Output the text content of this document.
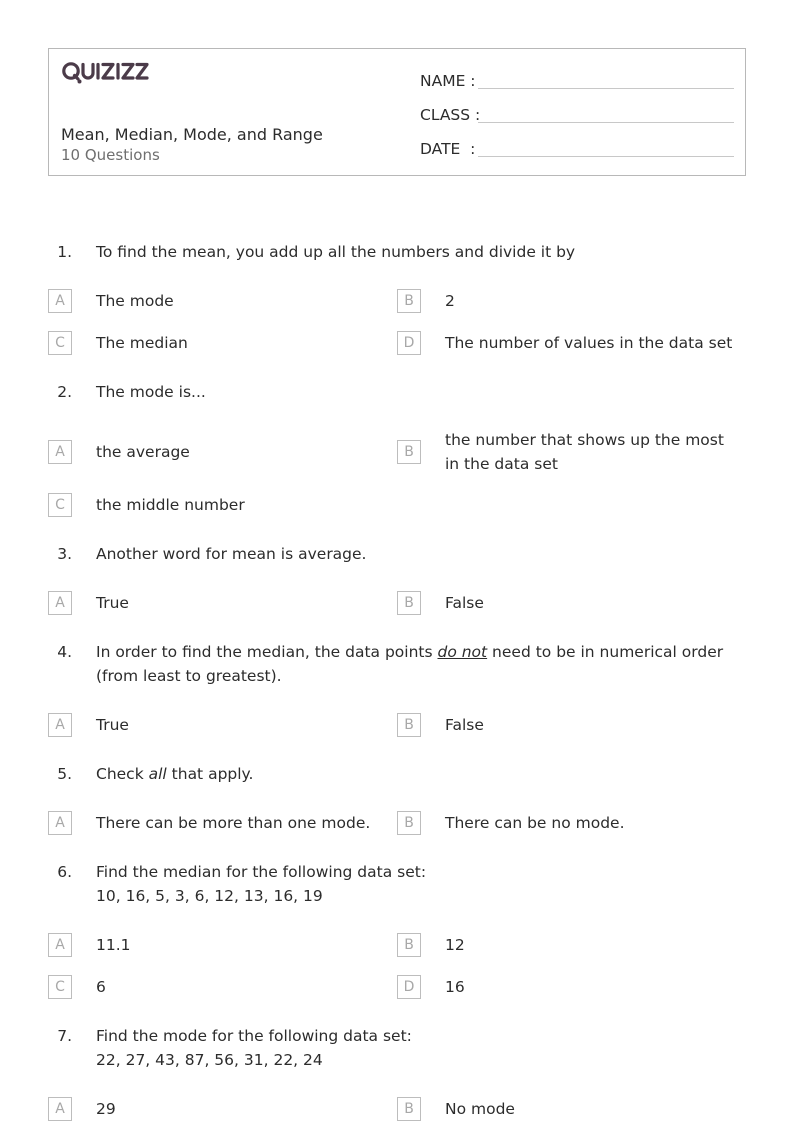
Mean, Median, Mode, and Range
10 Questions
NAME :
CLASS :
DATE  :
1. To find the mean, you add up all the numbers and divide it by
A	The mode	B	2
C	The median	D	The number of values in the data set
2. The mode is...
A	the average	B
the number that shows up the most in the data set
C	the middle number
3. Another word for mean is average.
A	True	B	False
4. In order to find the median, the data points do not need to be in numerical order (from least to greatest).
A	True	B	False
5. Check all that apply.
A	There can be more than one mode.	B	There can be no mode.
6. Find the median for the following data set:
10, 16, 5, 3, 6, 12, 13, 16, 19
A	11.1	B	12
C	6	D	16
7. Find the mode for the following data set:
22, 27, 43, 87, 56, 31, 22, 24
A	29	B	No mode
